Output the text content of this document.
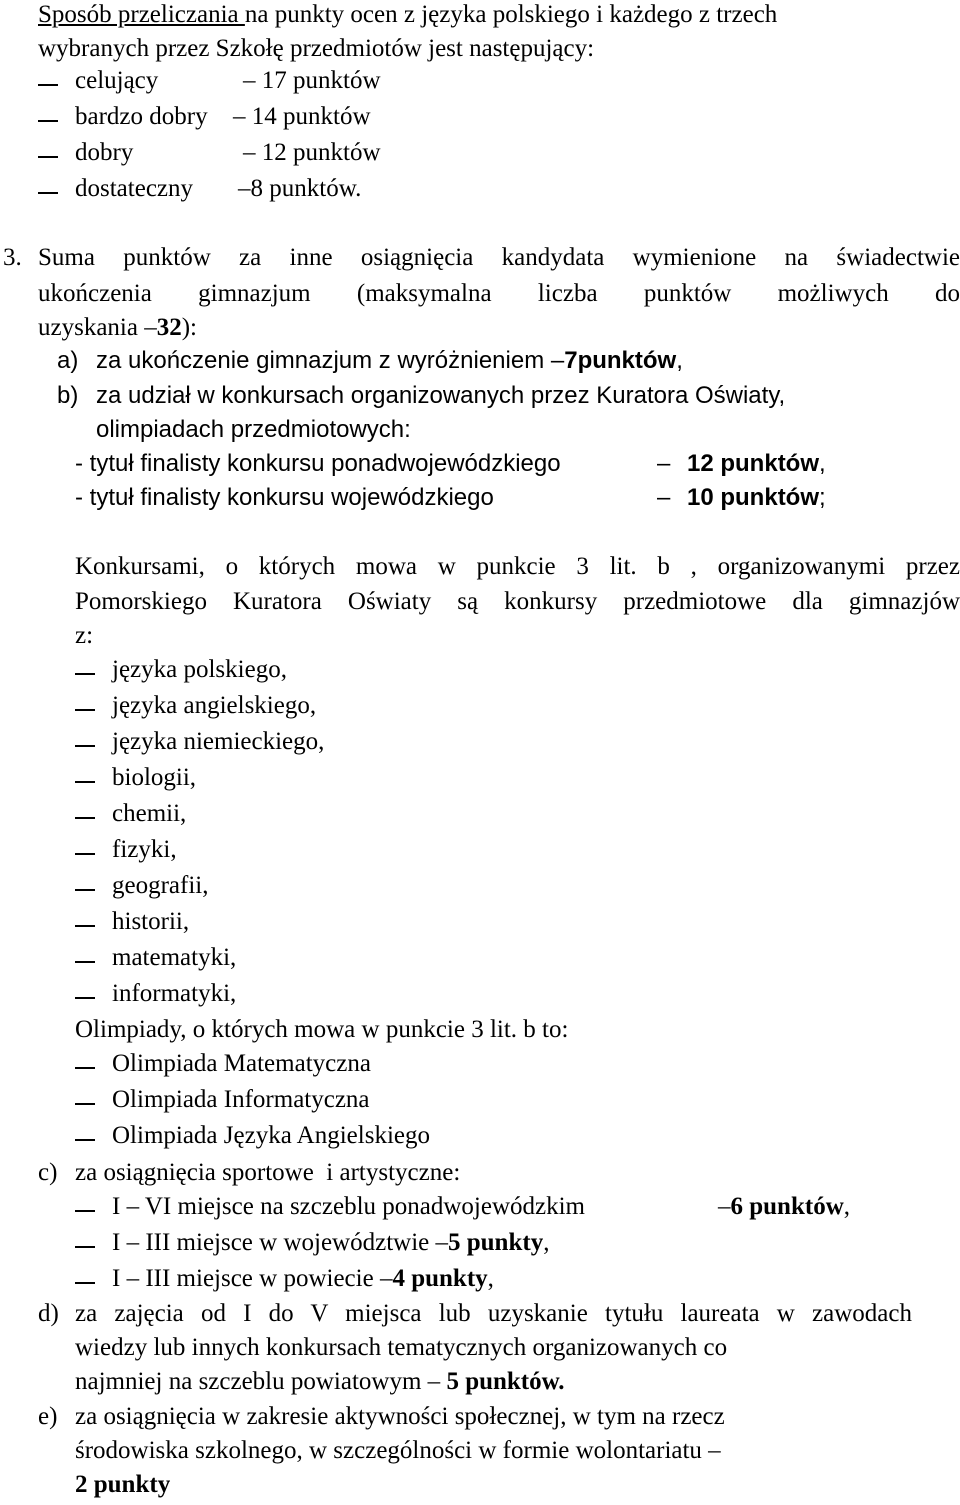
Sposób przeliczania na punkty ocen z języka polskiego i każdego z trzech
wybranych przez Szkołę przedmiotów jest następujący:
celujący	– 17 punktów
bardzo dobry – 14 punktów
dobry	– 12 punktów
dostateczny –8 punktów.
3. Suma punktów za inne osiągnięcia kandydata wymienione na świadectwie
ukończenia gimnazjum (maksymalna liczba punktów możliwych do
uzyskania –32):
a) za ukończenie gimnazjum z wyróżnieniem –7punktów,
b) za udział w konkursach organizowanych przez Kuratora Oświaty,
olimpiadach przedmiotowych:
- tytuł finalisty konkursu ponadwojewódzkiego	– 12 punktów,
- tytuł finalisty konkursu wojewódzkiego	– 10 punktów;
Konkursami, o których mowa w punkcie 3 lit. b , organizowanymi przez
Pomorskiego Kuratora Oświaty są konkursy przedmiotowe dla gimnazjów
z:
języka polskiego,
języka angielskiego,
języka niemieckiego,
biologii,
chemii,
fizyki,
geografii,
historii,
matematyki,
informatyki,
Olimpiady, o których mowa w punkcie 3 lit. b to:
Olimpiada Matematyczna
Olimpiada Informatyczna
Olimpiada Języka Angielskiego
c) za osiągnięcia sportowe  i artystyczne:
I – VI miejsce na szczeblu ponadwojewódzkim	–6 punktów,
I – III miejsce w województwie –5 punkty,
I – III miejsce w powiecie –4 punkty,
d) za zajęcia od I do V miejsca lub uzyskanie tytułu laureata w zawodach
wiedzy lub innych konkursach tematycznych organizowanych co
najmniej na szczeblu powiatowym – 5 punktów.
e) za osiągnięcia w zakresie aktywności społecznej, w tym na rzecz
środowiska szkolnego, w szczególności w formie wolontariatu –
2 punkty
